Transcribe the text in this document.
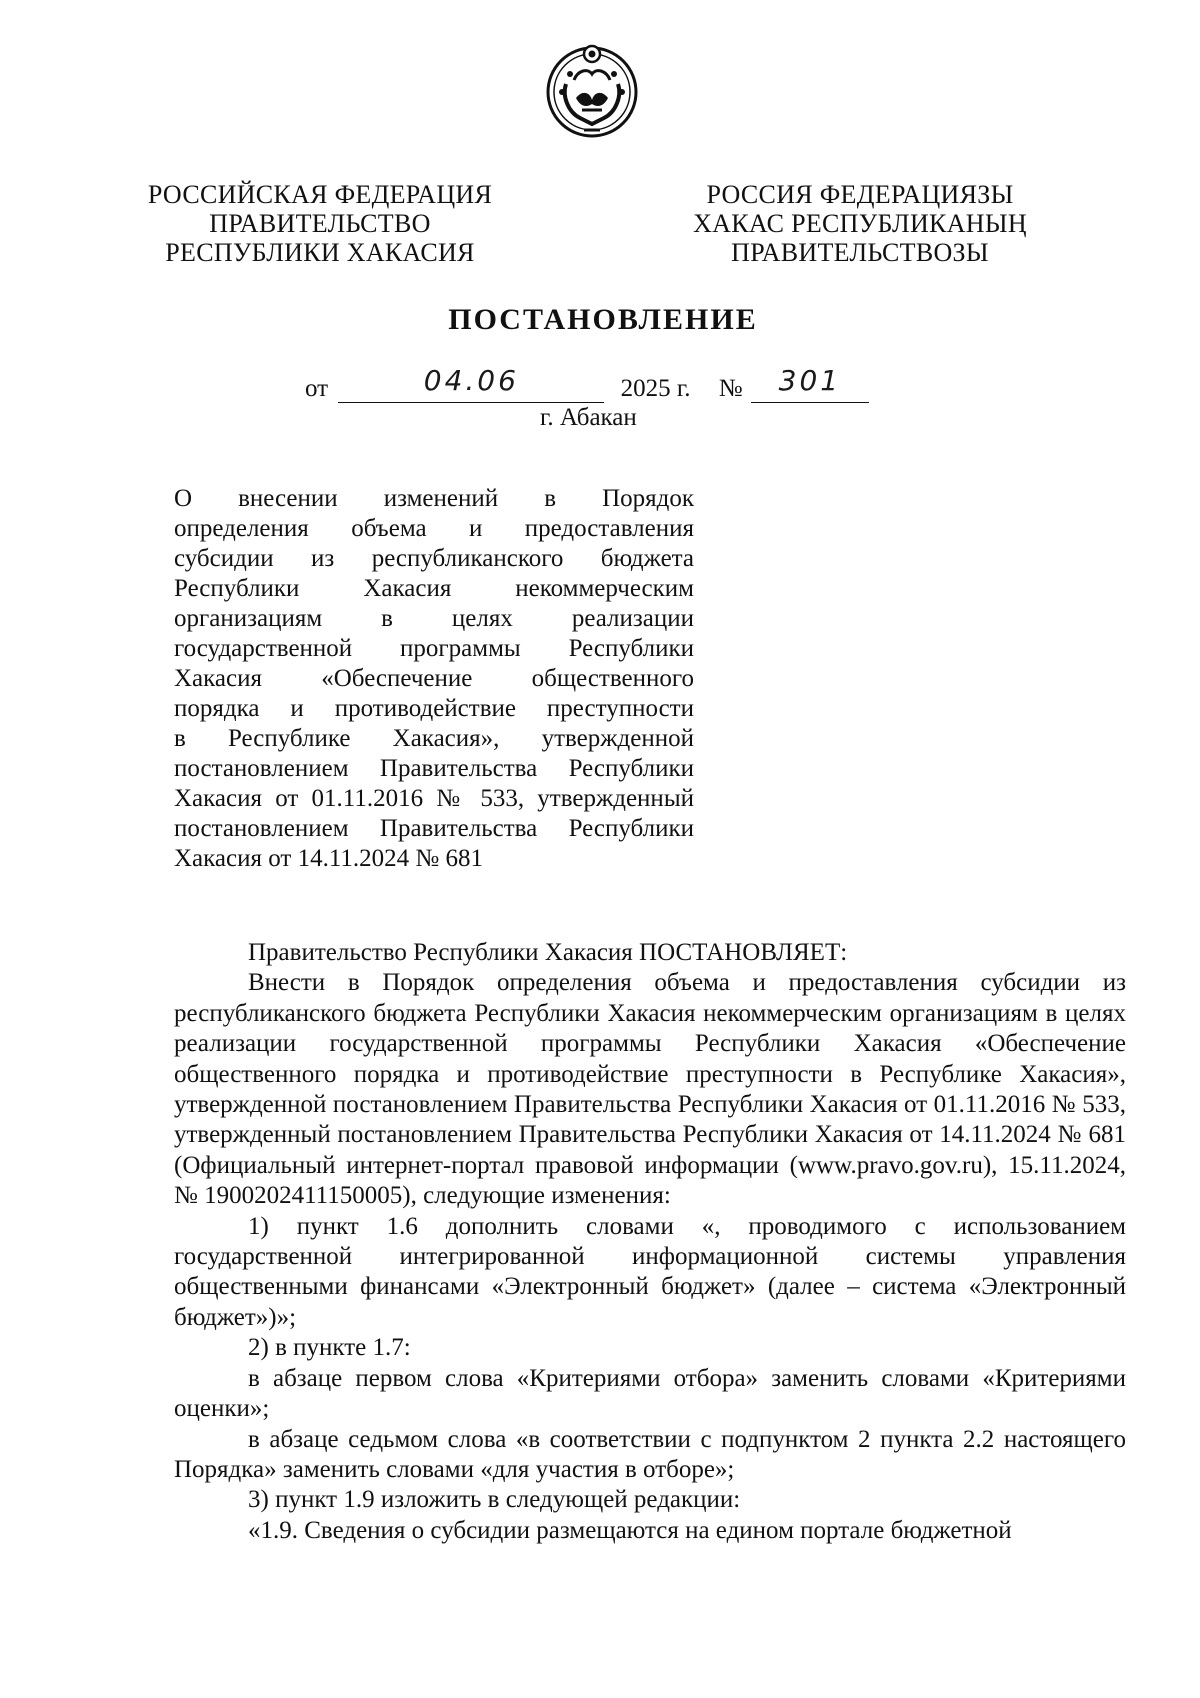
РОССИЙСКАЯ ФЕДЕРАЦИЯ
ПРАВИТЕЛЬСТВО
РЕСПУБЛИКИ ХАКАСИЯ
РОССИЯ ФЕДЕРАЦИЯЗЫ
ХАКАС РЕСПУБЛИКАНЫҢ
ПРАВИТЕЛЬСТВОЗЫ
ПОСТАНОВЛЕНИЕ
от	04.06	2025 г. №	301
г. Абакан
О внесении изменений в Порядок
определения объема и предоставления
субсидии из республиканского бюджета
Республики Хакасия некоммерческим
организациям в целях реализации
государственной программы Республики
Хакасия «Обеспечение общественного
порядка и противодействие преступности
в Республике Хакасия», утвержденной
постановлением Правительства Республики
Хакасия от 01.11.2016 № 533, утвержденный
постановлением Правительства Республики
Хакасия от 14.11.2024 № 681

Правительство Республики Хакасия ПОСТАНОВЛЯЕТ:

Внести в Порядок определения объема и предоставления субсидии из республиканского бюджета Республики Хакасия некоммерческим организациям в целях реализации государственной программы Республики Хакасия «Обеспечение общественного порядка и противодействие преступности в Республике Хакасия», утвержденной постановлением Правительства Республики Хакасия от 01.11.2016 № 533, утвержденный постановлением Правительства Республики Хакасия от 14.11.2024 № 681 (Официальный интернет-портал правовой информации (www.pravo.gov.ru), 15.11.2024, № 1900202411150005), следующие изменения:

1) пункт 1.6 дополнить словами «, проводимого с использованием государственной интегрированной информационной системы управления общественными финансами «Электронный бюджет» (далее – система «Электронный бюджет»)»;

2) в пункте 1.7:

в абзаце первом слова «Критериями отбора» заменить словами «Критериями оценки»;

в абзаце седьмом слова «в соответствии с подпунктом 2 пункта 2.2 настоящего Порядка» заменить словами «для участия в отборе»;

3) пункт 1.9 изложить в следующей редакции:

«1.9. Сведения о субсидии размещаются на едином портале бюджетной
